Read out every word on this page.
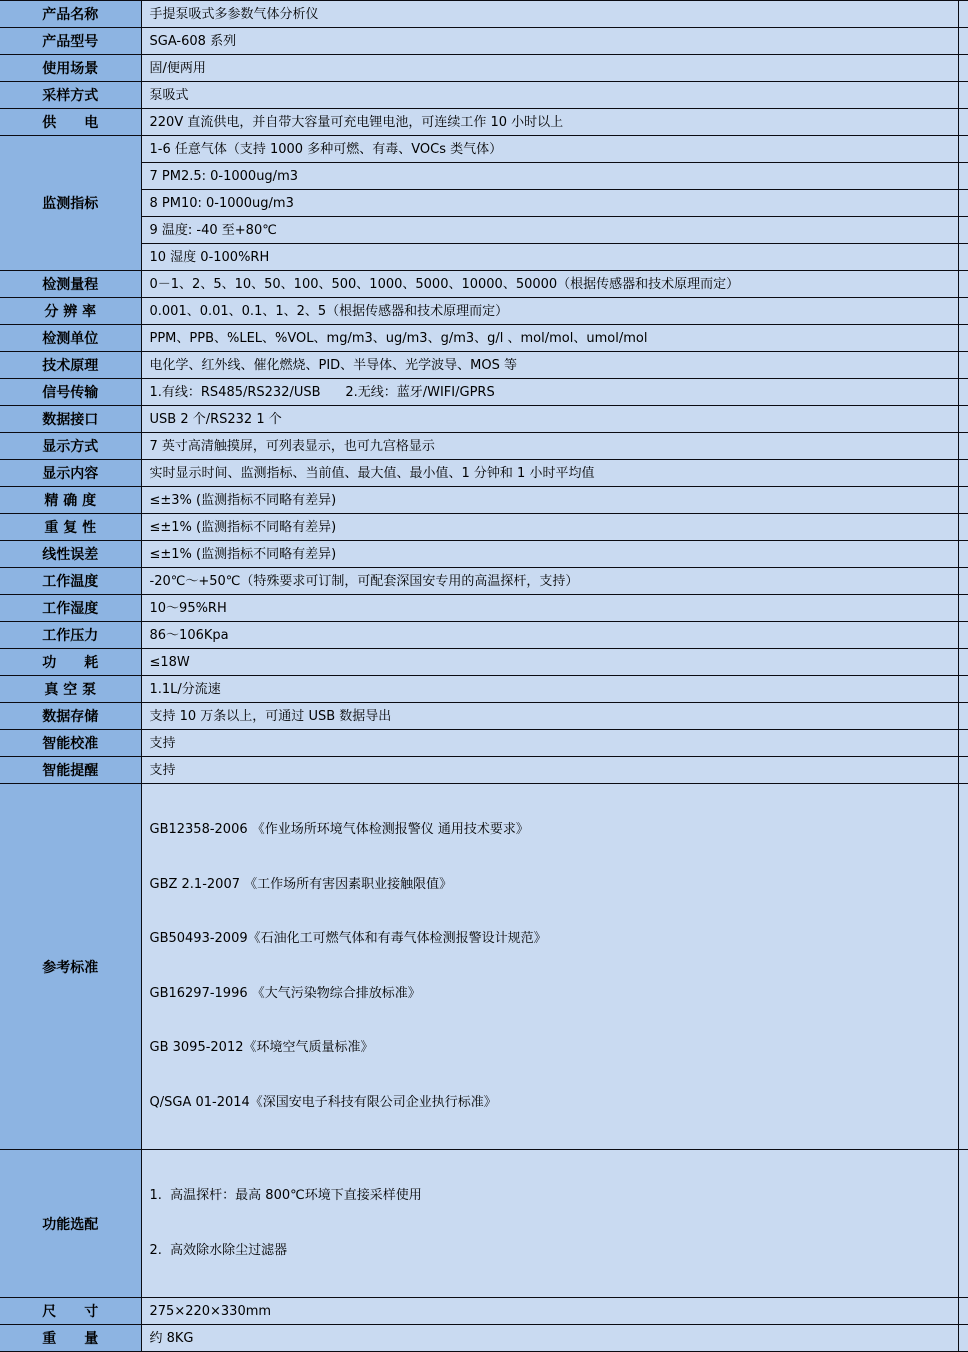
产品名称	手提泵吸式多参数气体分析仪	
产品型号	SGA-608 系列	
使用场景	固/便两用	
采样方式	泵吸式	
供　　电	220V 直流供电，并自带大容量可充电锂电池，可连续工作 10 小时以上	
监测指标	1-6 任意气体（支持 1000 多种可燃、有毒、VOCs 类气体）	
	7 PM2.5: 0-1000ug/m3	
	8 PM10: 0-1000ug/m3	
	9 温度: -40 至+80℃	
	10 湿度 0-100%RH	
检测量程	0－1、2、5、10、50、100、500、1000、5000、10000、50000（根据传感器和技术原理而定）	
分 辨 率	0.001、0.01、0.1、1、2、5（根据传感器和技术原理而定）	
检测单位	PPM、PPB、%LEL、%VOL、mg/m3、ug/m3、g/m3、g/l 、mol/mol、umol/mol	
技术原理	电化学、红外线、催化燃烧、PID、半导体、光学波导、MOS 等	
信号传输	1.有线：RS485/RS232/USB      2.无线：蓝牙/WIFI/GPRS	
数据接口	USB 2 个/RS232 1 个	
显示方式	7 英寸高清触摸屏，可列表显示，也可九宫格显示	
显示内容	实时显示时间、监测指标、当前值、最大值、最小值、1 分钟和 1 小时平均值	
精 确 度	≤±3% (监测指标不同略有差异)	
重 复 性	≤±1% (监测指标不同略有差异)	
线性误差	≤±1% (监测指标不同略有差异)	
工作温度	-20℃～+50℃（特殊要求可订制，可配套深国安专用的高温探杆，支持）	
工作湿度	10～95%RH	
工作压力	86～106Kpa	
功　　耗	≤18W	
真 空 泵	1.1L/分流速	
数据存储	支持 10 万条以上，可通过 USB 数据导出	
智能校准	支持	
智能提醒	支持	
参考标准	

GB12358-2006 《作业场所环境气体检测报警仪 通用技术要求》

GBZ 2.1-2007 《工作场所有害因素职业接触限值》

GB50493-2009《石油化工可燃气体和有毒气体检测报警设计规范》

GB16297-1996 《大气污染物综合排放标准》

GB 3095-2012《环境空气质量标准》

Q/SGA 01-2014《深国安电子科技有限公司企业执行标准》

功能选配	1.  高温探杆：最高 800℃环境下直接采样使用

2.  高效除水除尘过滤器	

尺　　寸	275×220×330mm	
重　　量	约 8KG	
